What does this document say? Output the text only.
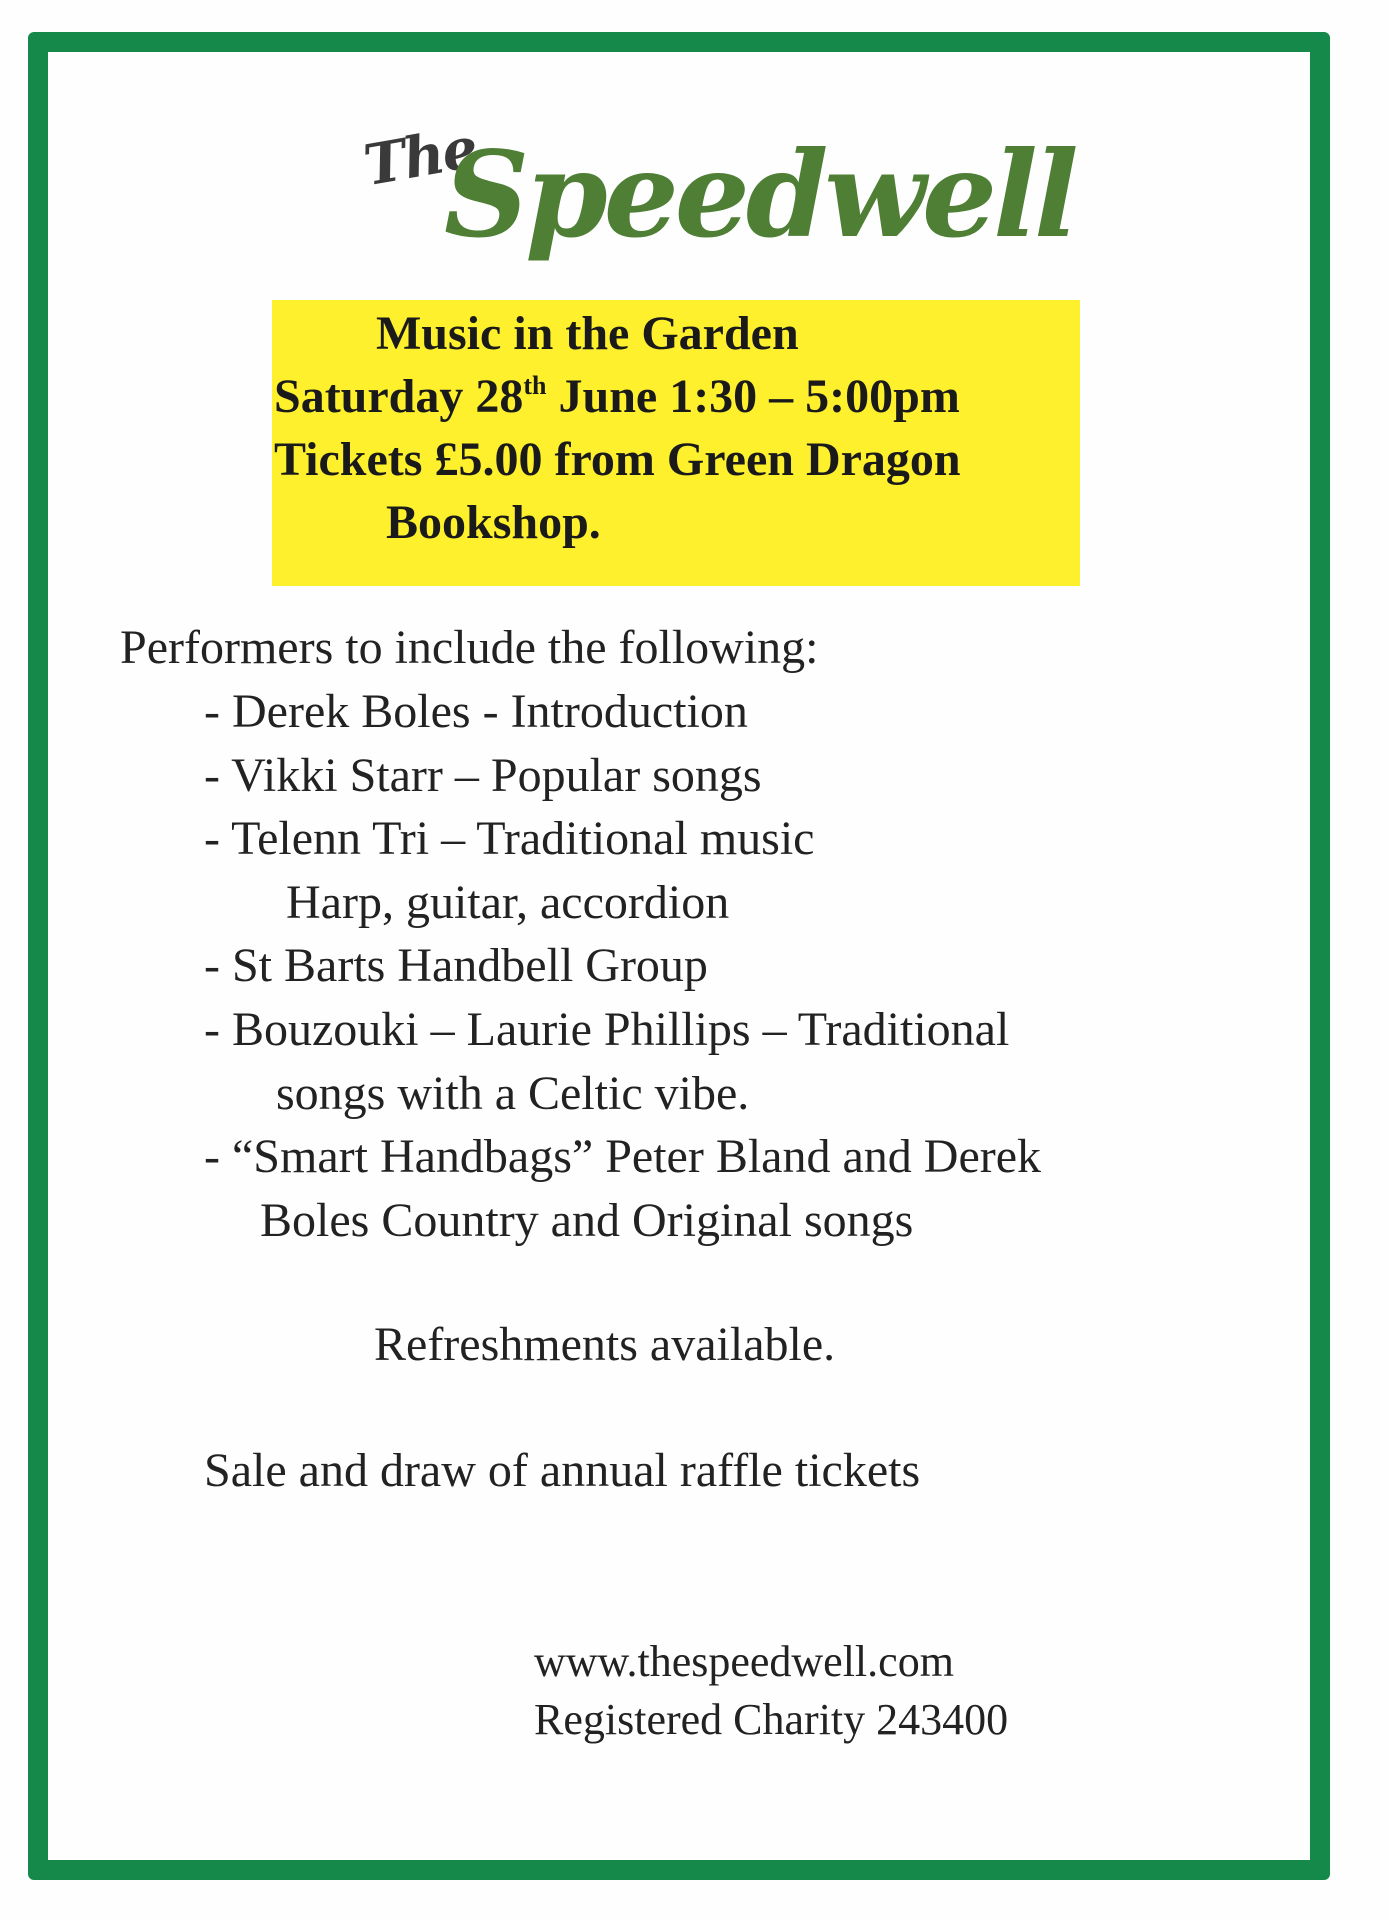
The
Speedwell
Music in the Garden
Saturday 28th June 1:30 – 5:00pm
Tickets £5.00 from Green Dragon
Bookshop.
Performers to include the following:
- Derek Boles - Introduction
- Vikki Starr – Popular songs
- Telenn Tri – Traditional music
Harp, guitar, accordion
- St Barts Handbell Group
- Bouzouki – Laurie Phillips – Traditional
songs with a Celtic vibe.
- “Smart Handbags” Peter Bland and Derek
Boles Country and Original songs
Refreshments available.
Sale and draw of annual raffle tickets
www.thespeedwell.com
Registered Charity 243400
